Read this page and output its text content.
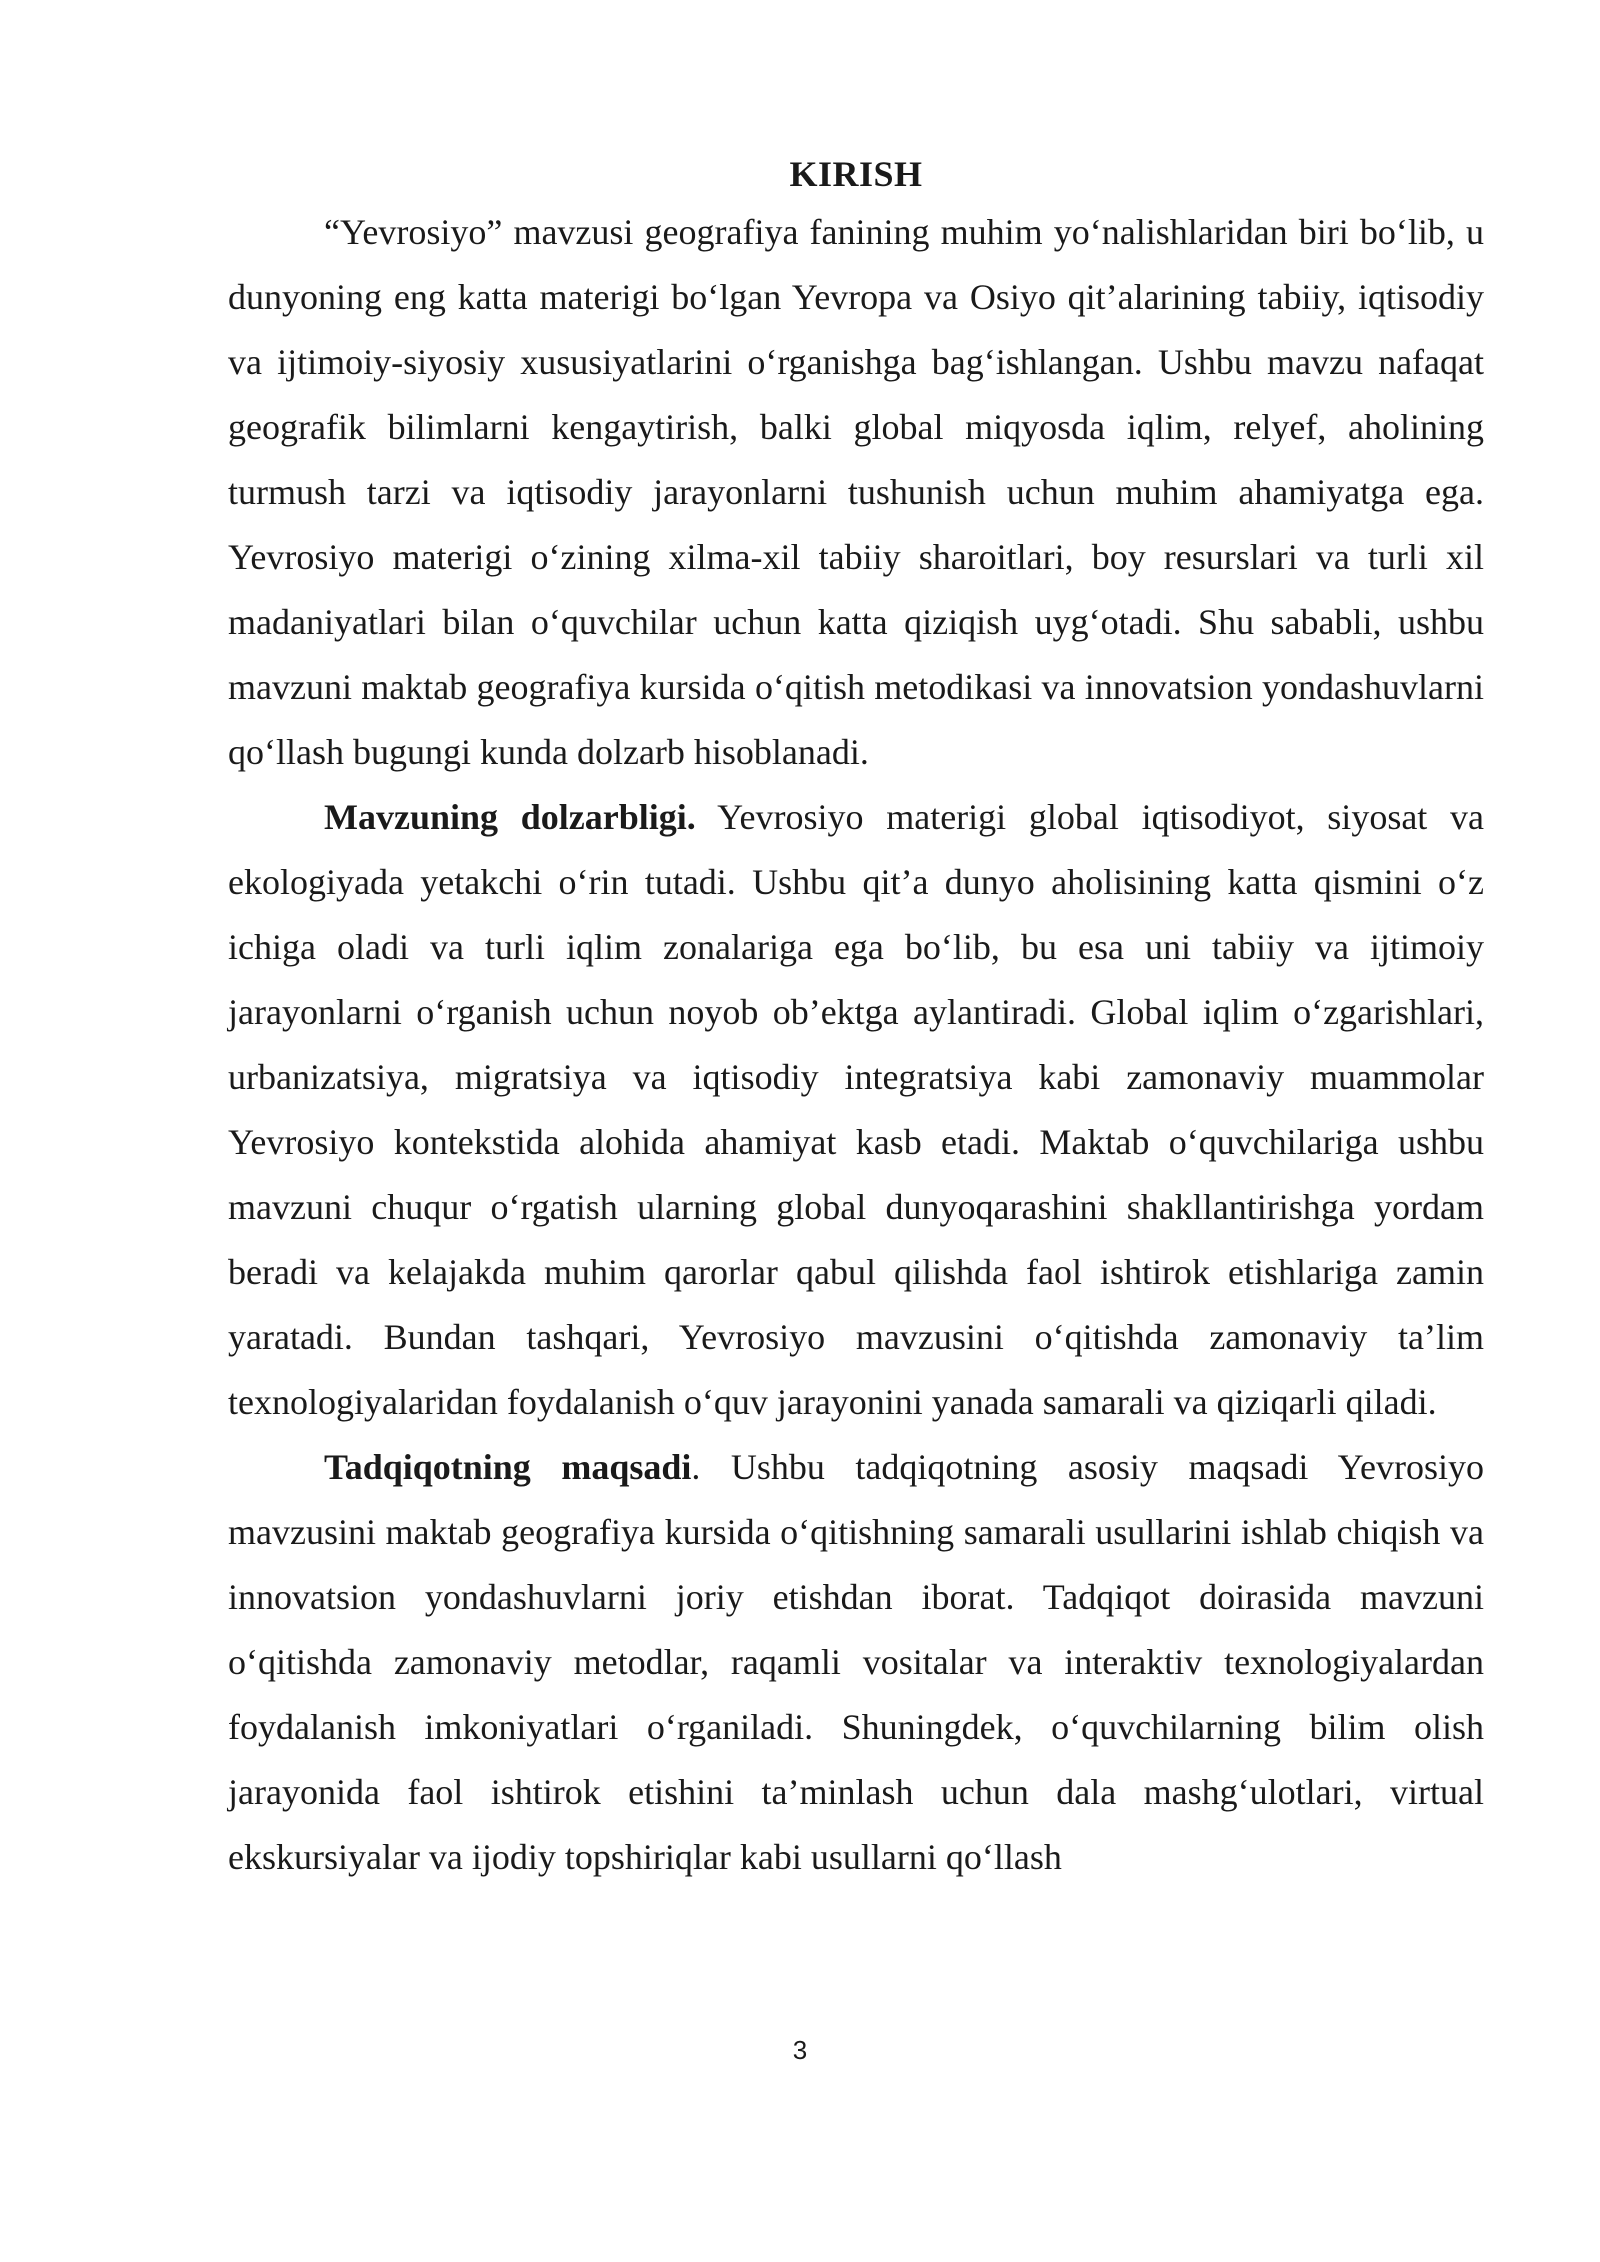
KIRISH

“Yevrosiyo” mavzusi geografiya fanining muhim yo‘nalishlaridan biri bo‘lib, u dunyoning eng katta materigi bo‘lgan Yevropa va Osiyo qit’alarining tabiiy, iqtisodiy va ijtimoiy-siyosiy xususiyatlarini o‘rganishga bag‘ishlangan. Ushbu mavzu nafaqat geografik bilimlarni kengaytirish, balki global miqyosda iqlim, relyef, aholining turmush tarzi va iqtisodiy jarayonlarni tushunish uchun muhim ahamiyatga ega. Yevrosiyo materigi o‘zining xilma-xil tabiiy sharoitlari, boy resurslari va turli xil madaniyatlari bilan o‘quvchilar uchun katta qiziqish uyg‘otadi. Shu sababli, ushbu mavzuni maktab geografiya kursida o‘qitish metodikasi va innovatsion yondashuvlarni qo‘llash bugungi kunda dolzarb hisoblanadi.

Mavzuning dolzarbligi. Yevrosiyo materigi global iqtisodiyot, siyosat va ekologiyada yetakchi o‘rin tutadi. Ushbu qit’a dunyo aholisining katta qismini o‘z ichiga oladi va turli iqlim zonalariga ega bo‘lib, bu esa uni tabiiy va ijtimoiy jarayonlarni o‘rganish uchun noyob ob’ektga aylantiradi. Global iqlim o‘zgarishlari, urbanizatsiya, migratsiya va iqtisodiy integratsiya kabi zamonaviy muammolar Yevrosiyo kontekstida alohida ahamiyat kasb etadi. Maktab o‘quvchilariga ushbu mavzuni chuqur o‘rgatish ularning global dunyoqarashini shakllantirishga yordam beradi va kelajakda muhim qarorlar qabul qilishda faol ishtirok etishlariga zamin yaratadi. Bundan tashqari, Yevrosiyo mavzusini o‘qitishda zamonaviy ta’lim texnologiyalaridan foydalanish o‘quv jarayonini yanada samarali va qiziqarli qiladi.

Tadqiqotning maqsadi. Ushbu tadqiqotning asosiy maqsadi Yevrosiyo mavzusini maktab geografiya kursida o‘qitishning samarali usullarini ishlab chiqish va innovatsion yondashuvlarni joriy etishdan iborat. Tadqiqot doirasida mavzuni o‘qitishda zamonaviy metodlar, raqamli vositalar va interaktiv texnologiyalardan foydalanish imkoniyatlari o‘rganiladi. Shuningdek, o‘quvchilarning bilim olish jarayonida faol ishtirok etishini ta’minlash uchun dala mashg‘ulotlari, virtual ekskursiyalar va ijodiy topshiriqlar kabi usullarni qo‘llash

3
